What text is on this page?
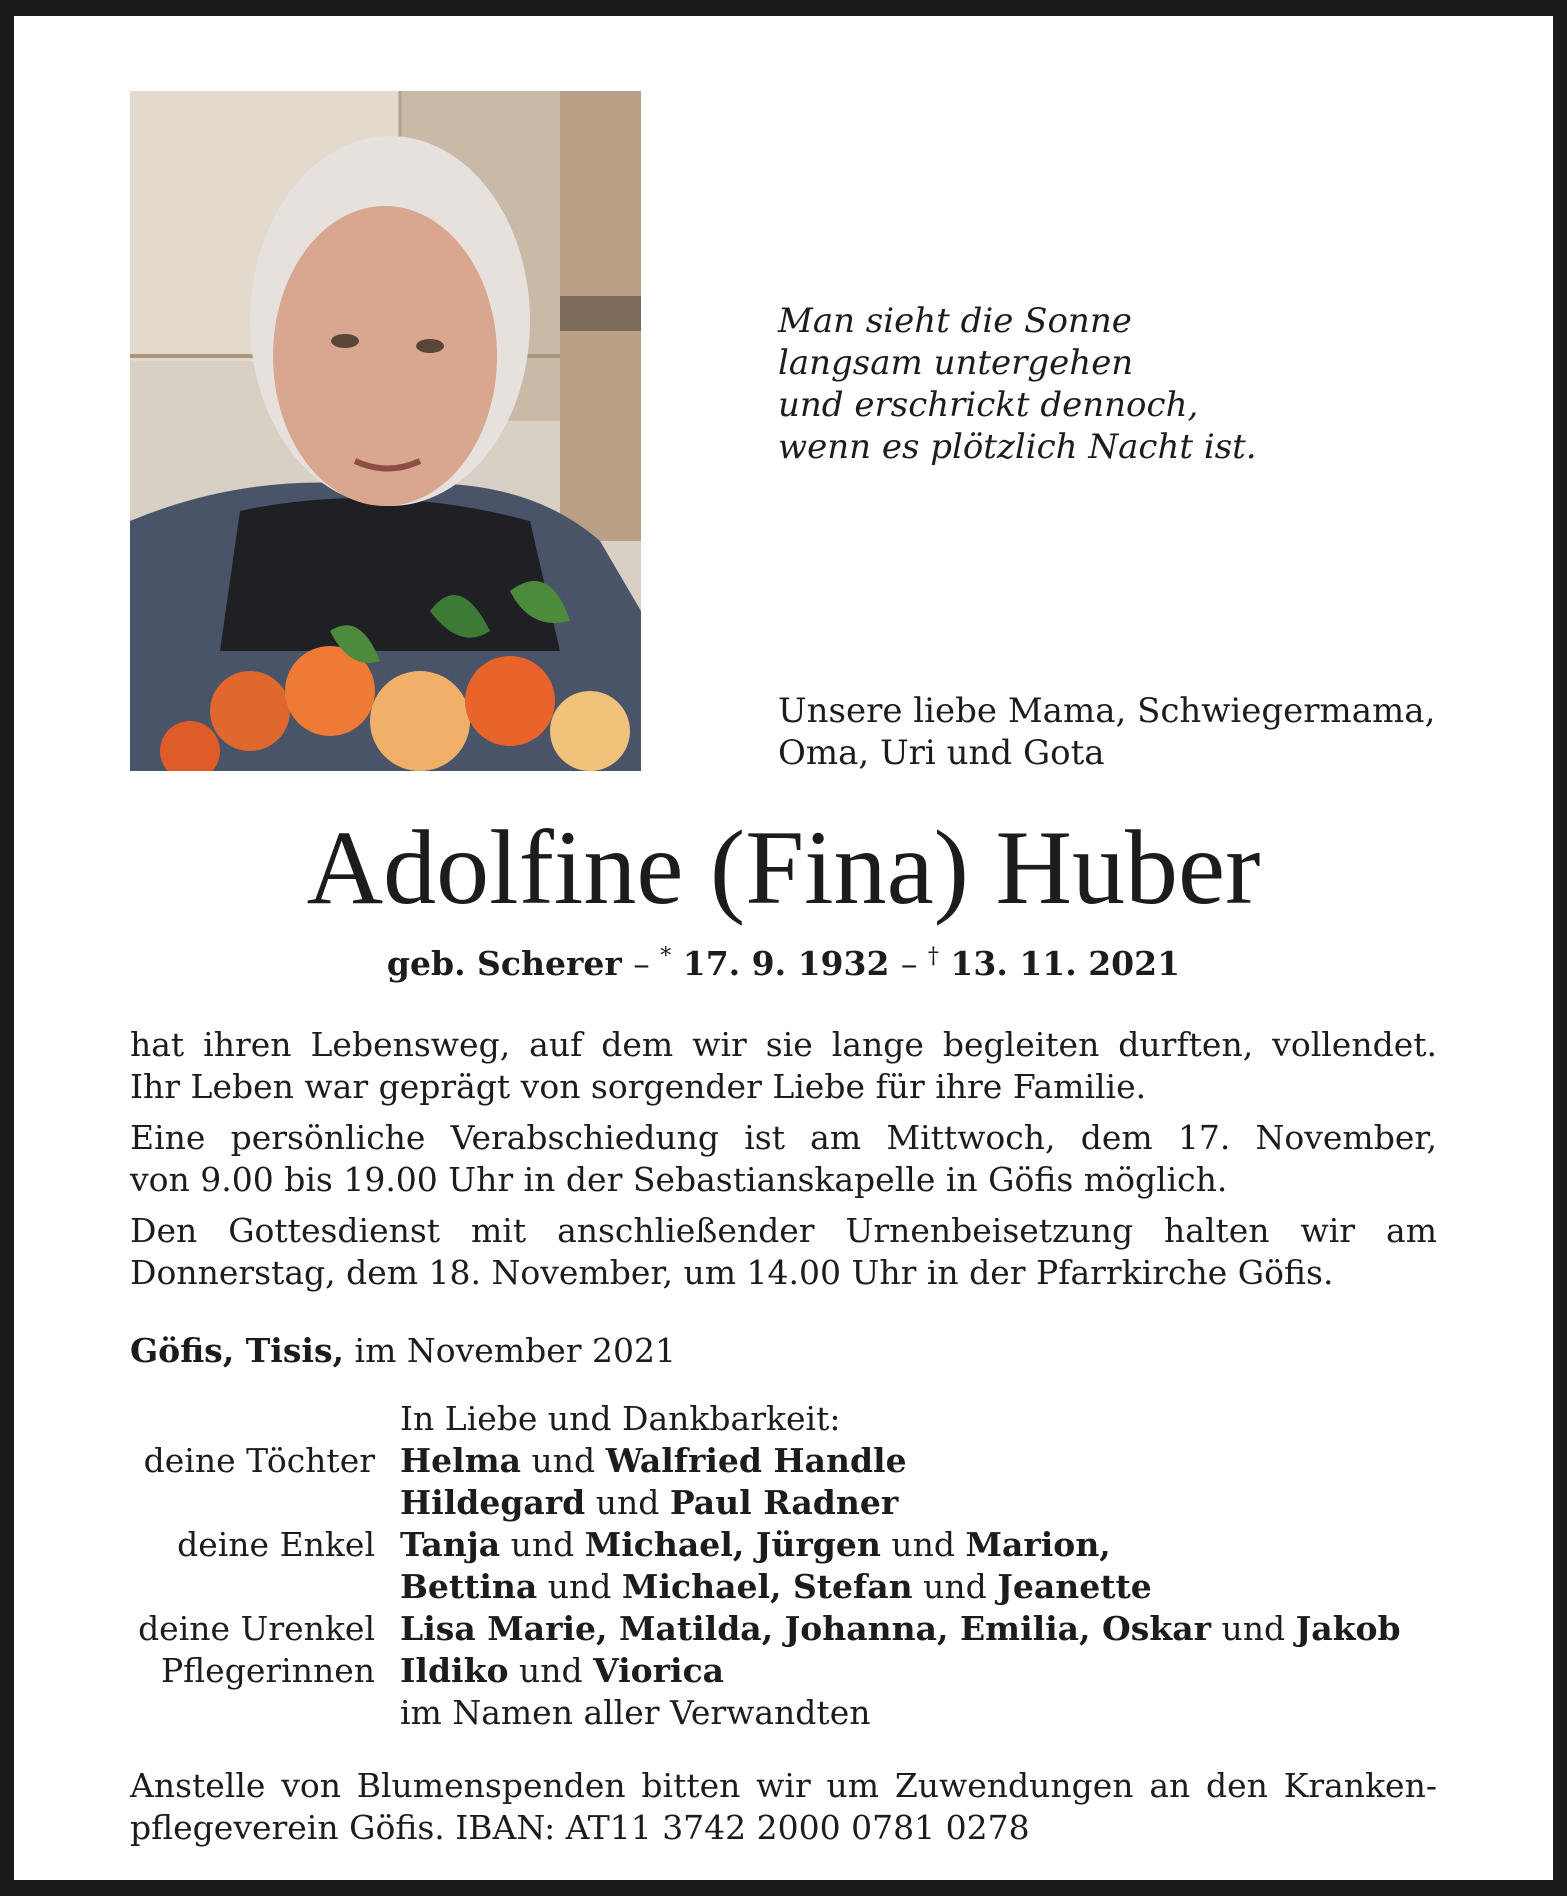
Man sieht die Sonne
langsam untergehen
und erschrickt dennoch,
wenn es plötzlich Nacht ist.
Unsere liebe Mama, Schwiegermama,
Oma, Uri und Gota
Adolfine (Fina) Huber
geb. Scherer – * 17. 9. 1932 – † 13. 11. 2021
hat ihren Lebensweg, auf dem wir sie lange begleiten durften, vollendet.
Ihr Leben war geprägt von sorgender Liebe für ihre Familie.
Eine persönliche Verabschiedung ist am Mittwoch, dem 17. November,
von 9.00 bis 19.00 Uhr in der Sebastianskapelle in Göfis möglich.
Den Gottesdienst mit anschließender Urnenbeisetzung halten wir am
Donnerstag, dem 18. November, um 14.00 Uhr in der Pfarrkirche Göfis.
Göfis, Tisis, im November 2021
In Liebe und Dankbarkeit:
deine Töchter Helma und Walfried Handle
Hildegard und Paul Radner
deine Enkel Tanja und Michael, Jürgen und Marion,
Bettina und Michael, Stefan und Jeanette
deine Urenkel Lisa Marie, Matilda, Johanna, Emilia, Oskar und Jakob
Pflegerinnen Ildiko und Viorica
im Namen aller Verwandten
Anstelle von Blumenspenden bitten wir um Zuwendungen an den Kranken-
pflegeverein Göfis. IBAN: AT11 3742 2000 0781 0278
